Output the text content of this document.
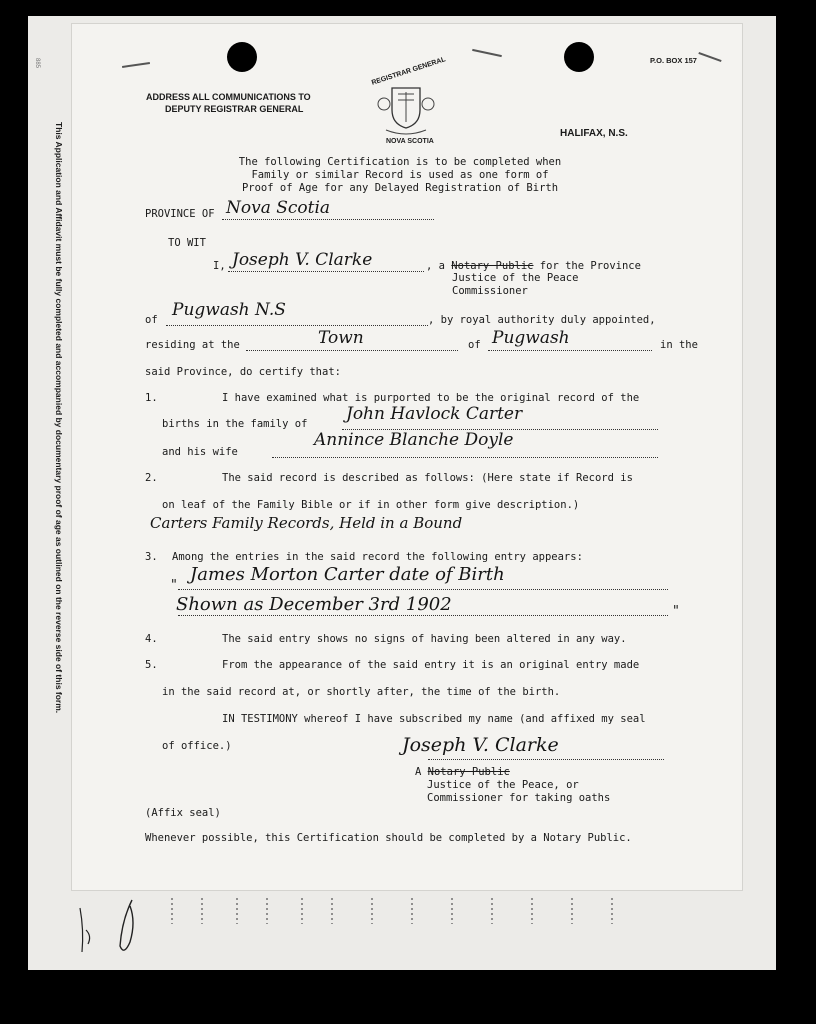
885
This Application and Affidavit must be fully completed and accompanied by documentary proof of age as outlined on the reverse side of this form.
ADDRESS ALL COMMUNICATIONS TO
DEPUTY REGISTRAR GENERAL
P.O. BOX 157
HALIFAX, N.S.
REGISTRAR GENERAL
NOVA SCOTIA
The following Certification is to be completed when
Family or similar Record is used as one form of
Proof of Age for any Delayed Registration of Birth
PROVINCE OF Nova Scotia
TO WIT
I, Joseph V. Clarke	, a Notary Public for the Province
Justice of the Peace
Commissioner
of Pugwash N.S	, by royal authority duly appointed,
residing at the	Town	of Pugwash	in the
said Province, do certify that:
1.	I have examined what is purported to be the original record of the
births in the family of John Havlock Carter
and his wife
Annince Blanche Doyle
2.	The said record is described as follows: (Here state if Record is
on leaf of the Family Bible or if in other form give description.)
Carters Family Records, Held in a Bound
3. Among the entries in the said record the following entry appears:
"
James Morton Carter date of Birth
Shown as December 3rd 1902	"
4.	The said entry shows no signs of having been altered in any way.
5.	From the appearance of the said entry it is an original entry made
in the said record at, or shortly after, the time of the birth.
IN TESTIMONY whereof I have subscribed my name (and affixed my seal
of office.)	Joseph V. Clarke
A Notary Public
Justice of the Peace, or
Commissioner for taking oaths
(Affix seal)
Whenever possible, this Certification should be completed by a Notary Public.
